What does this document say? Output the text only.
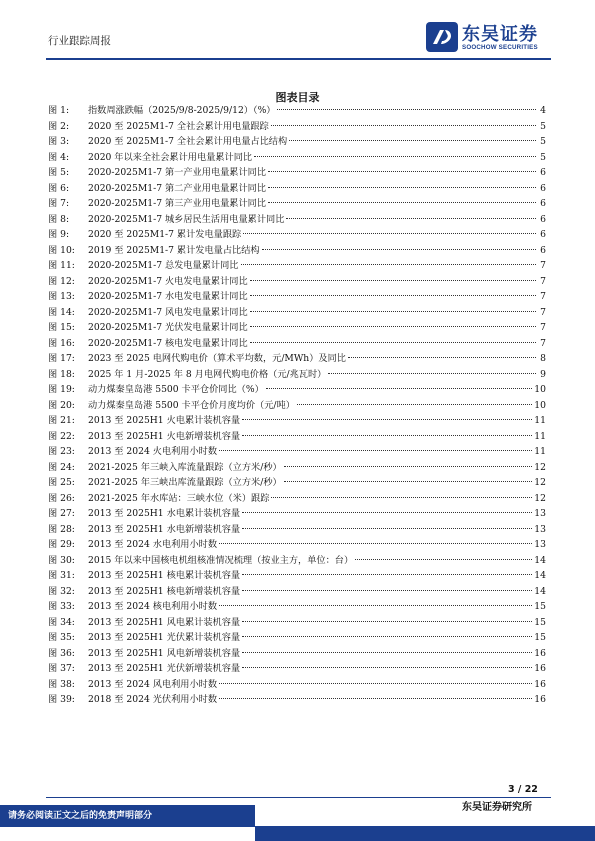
行业跟踪周报	东吴证券
SOOCHOW SECURITIES
图表目录
图 1:	指数周涨跌幅（2025/9/8-2025/9/12）（%）	4
图 2:	2020 至 2025M1-7 全社会累计用电量跟踪	5
图 3:	2020 至 2025M1-7 全社会累计用电量占比结构	5
图 4:	2020 年以来全社会累计用电量累计同比	5
图 5:	2020-2025M1-7 第一产业用电量累计同比	6
图 6:	2020-2025M1-7 第二产业用电量累计同比	6
图 7:	2020-2025M1-7 第三产业用电量累计同比	6
图 8:	2020-2025M1-7 城乡居民生活用电量累计同比	6
图 9:	2020 至 2025M1-7 累计发电量跟踪	6
图 10:	2019 至 2025M1-7 累计发电量占比结构	6
图 11:	2020-2025M1-7 总发电量累计同比	7
图 12:	2020-2025M1-7 火电发电量累计同比	7
图 13:	2020-2025M1-7 水电发电量累计同比	7
图 14:	2020-2025M1-7 风电发电量累计同比	7
图 15:	2020-2025M1-7 光伏发电量累计同比	7
图 16:	2020-2025M1-7 核电发电量累计同比	7
图 17:	2023 至 2025 电网代购电价（算术平均数，元/MWh）及同比	8
图 18:	2025 年 1 月-2025 年 8 月电网代购电价格（元/兆瓦时）	9
图 19:	动力煤秦皇岛港 5500 卡平仓价同比（%）	10
图 20:	动力煤秦皇岛港 5500 卡平仓价月度均价（元/吨）	10
图 21:	2013 至 2025H1 火电累计装机容量	11
图 22:	2013 至 2025H1 火电新增装机容量	11
图 23:	2013 至 2024 火电利用小时数	11
图 24:	2021-2025 年三峡入库流量跟踪（立方米/秒）	12
图 25:	2021-2025 年三峡出库流量跟踪（立方米/秒）	12
图 26:	2021-2025 年水库站：三峡水位（米）跟踪	12
图 27:	2013 至 2025H1 水电累计装机容量	13
图 28:	2013 至 2025H1 水电新增装机容量	13
图 29:	2013 至 2024 水电利用小时数	13
图 30:	2015 年以来中国核电机组核准情况梳理（按业主方，单位：台）	14
图 31:	2013 至 2025H1 核电累计装机容量	14
图 32:	2013 至 2025H1 核电新增装机容量	14
图 33:	2013 至 2024 核电利用小时数	15
图 34:	2013 至 2025H1 风电累计装机容量	15
图 35:	2013 至 2025H1 光伏累计装机容量	15
图 36:	2013 至 2025H1 风电新增装机容量	16
图 37:	2013 至 2025H1 光伏新增装机容量	16
图 38:	2013 至 2024 风电利用小时数	16
图 39:	2018 至 2024 光伏利用小时数	16
3 / 22
请务必阅读正文之后的免责声明部分
东吴证券研究所
